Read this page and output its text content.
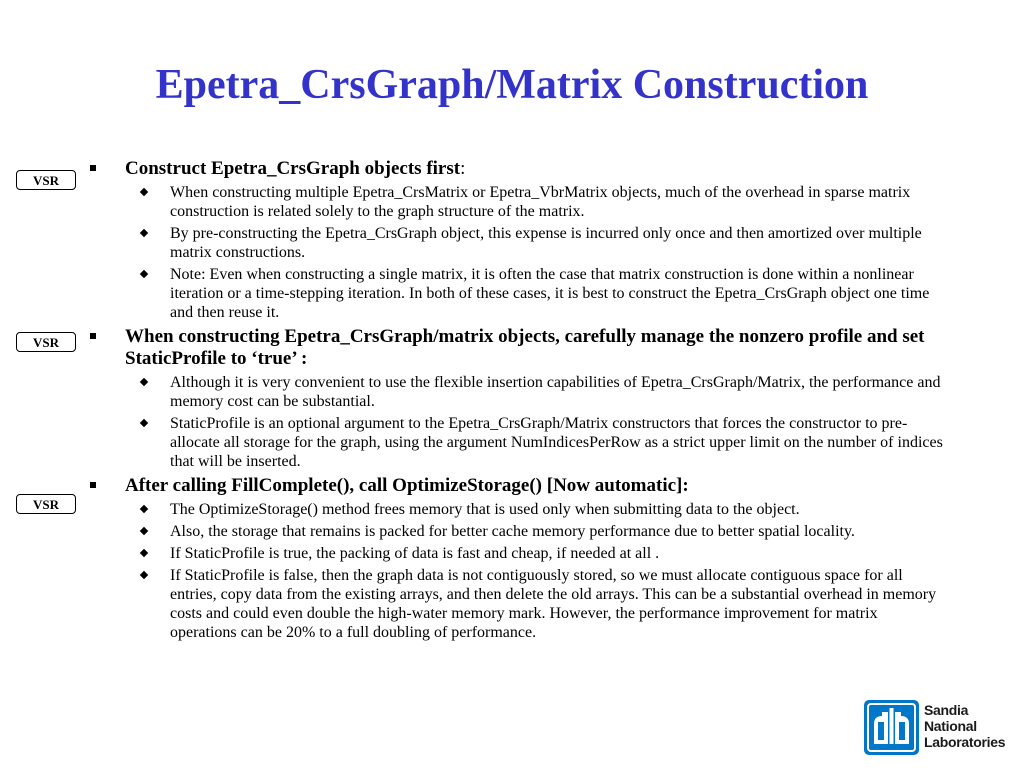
Epetra_CrsGraph/Matrix Construction
VSR
VSR
VSR
Construct Epetra_CrsGraph objects first:
When constructing multiple Epetra_CrsMatrix or Epetra_VbrMatrix objects, much of the overhead in sparse matrix construction is related solely to the graph structure of the matrix.
By pre-constructing the Epetra_CrsGraph object, this expense is incurred only once and then amortized over multiple matrix constructions.
Note: Even when constructing a single matrix, it is often the case that matrix construction is done within a nonlinear iteration or a time-stepping iteration. In both of these cases, it is best to construct the Epetra_CrsGraph object one time and then reuse it.
When constructing Epetra_CrsGraph/matrix objects, carefully manage the nonzero profile and set StaticProfile to ‘true’ :
Although it is very convenient to use the flexible insertion capabilities of Epetra_CrsGraph/Matrix, the performance and memory cost can be substantial.
StaticProfile is an optional argument to the Epetra_CrsGraph/Matrix constructors that forces the constructor to pre-allocate all storage for the graph, using the argument NumIndicesPerRow as a strict upper limit on the number of indices that will be inserted.
After calling FillComplete(), call OptimizeStorage() [Now automatic]:
The OptimizeStorage() method frees memory that is used only when submitting data to the object.
Also, the storage that remains is packed for better cache memory performance due to better spatial locality.
If StaticProfile is true, the packing of data is fast and cheap, if needed at all .
If StaticProfile is false, then the graph data is not contiguously stored, so we must allocate contiguous space for all entries, copy data from the existing arrays, and then delete the old arrays. This can be a substantial overhead in memory costs and could even double the high-water memory mark. However, the performance improvement for matrix operations can be 20% to a full doubling of performance.
Sandia
National
Laboratories
